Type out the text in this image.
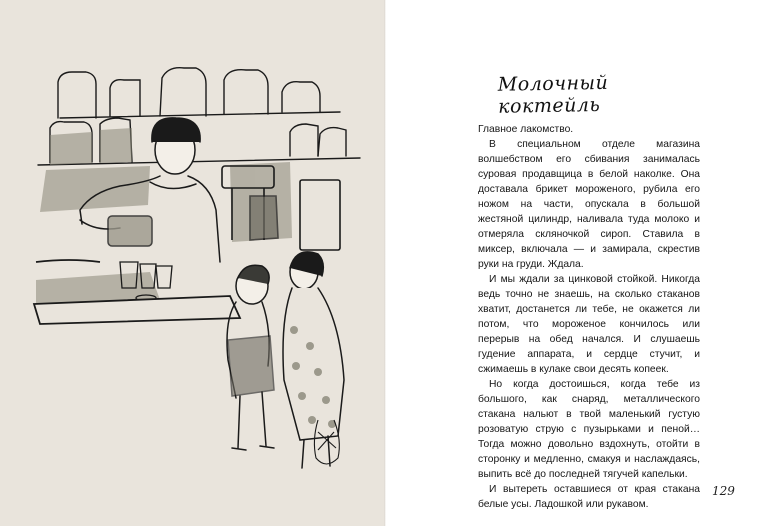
Молочный коктейль

Главное лакомство.

В специальном отделе магазина волшебством его сбивания занималась суровая продавщица в белой наколке. Она доставала брикет мороженого, рубила его ножом на части, опускала в большой жестяной цилиндр, наливала туда молоко и отмеряла скляночкой сироп. Ставила в миксер, включала — и замирала, скрестив руки на груди. Ждала.

И мы ждали за цинковой стойкой. Никогда ведь точно не знаешь, на сколько стаканов хватит, достанется ли тебе, не окажется ли потом, что мороженое кончилось или перерыв на обед начался. И слушаешь гудение аппарата, и сердце стучит, и сжимаешь в кулаке свои десять копеек.

Но когда достоишься, когда тебе из большого, как снаряд, металлического стакана нальют в твой маленький густую розоватую струю с пузырьками и пеной… Тогда можно довольно вздохнуть, отойти в сторонку и медленно, смакуя и наслаждаясь, выпить всё до последней тягучей капельки.

И вытереть оставшиеся от края стакана белые усы. Ладошкой или рукавом.

129
